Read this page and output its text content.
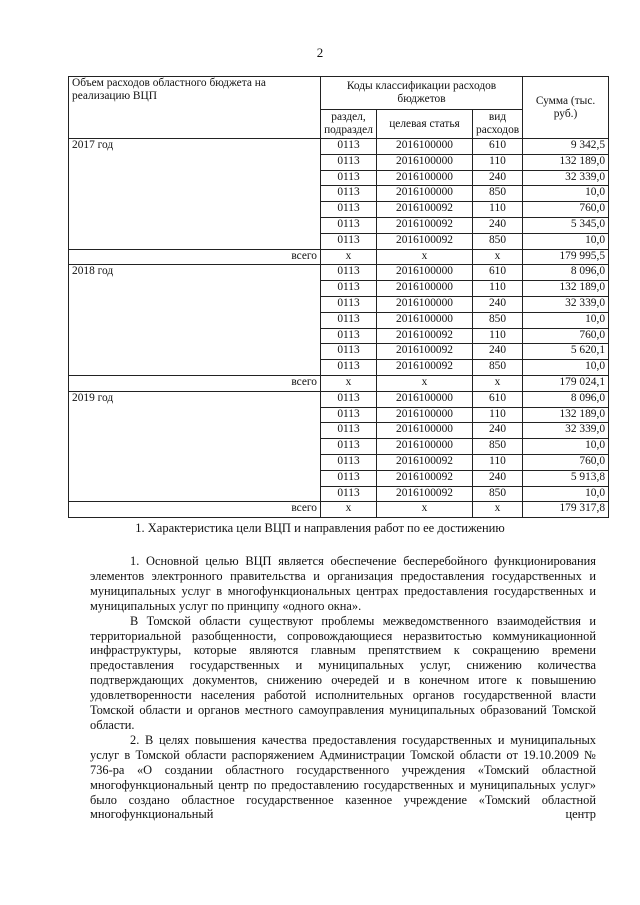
2
Объем расходов областного бюджета на реализацию ВЦП	Коды классификации расходов бюджетов			Сумма (тыс. руб.)
	раздел, подраздел	целевая статья	вид расходов	
2017 год	0113	2016100000	610	9 342,5
	0113	2016100000	110	132 189,0
	0113	2016100000	240	32 339,0
	0113	2016100000	850	10,0
	0113	2016100092	110	760,0
	0113	2016100092	240	5 345,0
	0113	2016100092	850	10,0
всего	х	х	х	179 995,5
2018 год	0113	2016100000	610	8 096,0
	0113	2016100000	110	132 189,0
	0113	2016100000	240	32 339,0
	0113	2016100000	850	10,0
	0113	2016100092	110	760,0
	0113	2016100092	240	5 620,1
	0113	2016100092	850	10,0
всего	х	х	х	179 024,1
2019 год	0113	2016100000	610	8 096,0
	0113	2016100000	110	132 189,0
	0113	2016100000	240	32 339,0
	0113	2016100000	850	10,0
	0113	2016100092	110	760,0
	0113	2016100092	240	5 913,8
	0113	2016100092	850	10,0
всего	х	х	х	179 317,8
1. Характеристика цели ВЦП и направления работ по ее достижению

1. Основной целью ВЦП является обеспечение бесперебойного функционирования элементов электронного правительства и организация предоставления государственных и муниципальных услуг в многофункциональных центрах предоставления государственных и муниципальных услуг по принципу «одного окна».

В Томской области существуют проблемы межведомственного взаимодействия и территориальной разобщенности, сопровождающиеся неразвитостью коммуникационной инфраструктуры, которые являются главным препятствием к сокращению времени предоставления государственных и муниципальных услуг, снижению количества подтверждающих документов, снижению очередей и в конечном итоге к повышению удовлетворенности населения работой исполнительных органов государственной власти Томской области и органов местного самоуправления муниципальных образований Томской области.

2. В целях повышения качества предоставления государственных и муниципальных услуг в Томской области распоряжением Администрации Томской области от 19.10.2009 № 736-ра «О создании областного государственного учреждения «Томский областной многофункциональный центр по предоставлению государственных и муниципальных услуг» было создано областное государственное казенное учреждение «Томский областной многофункциональный центр
